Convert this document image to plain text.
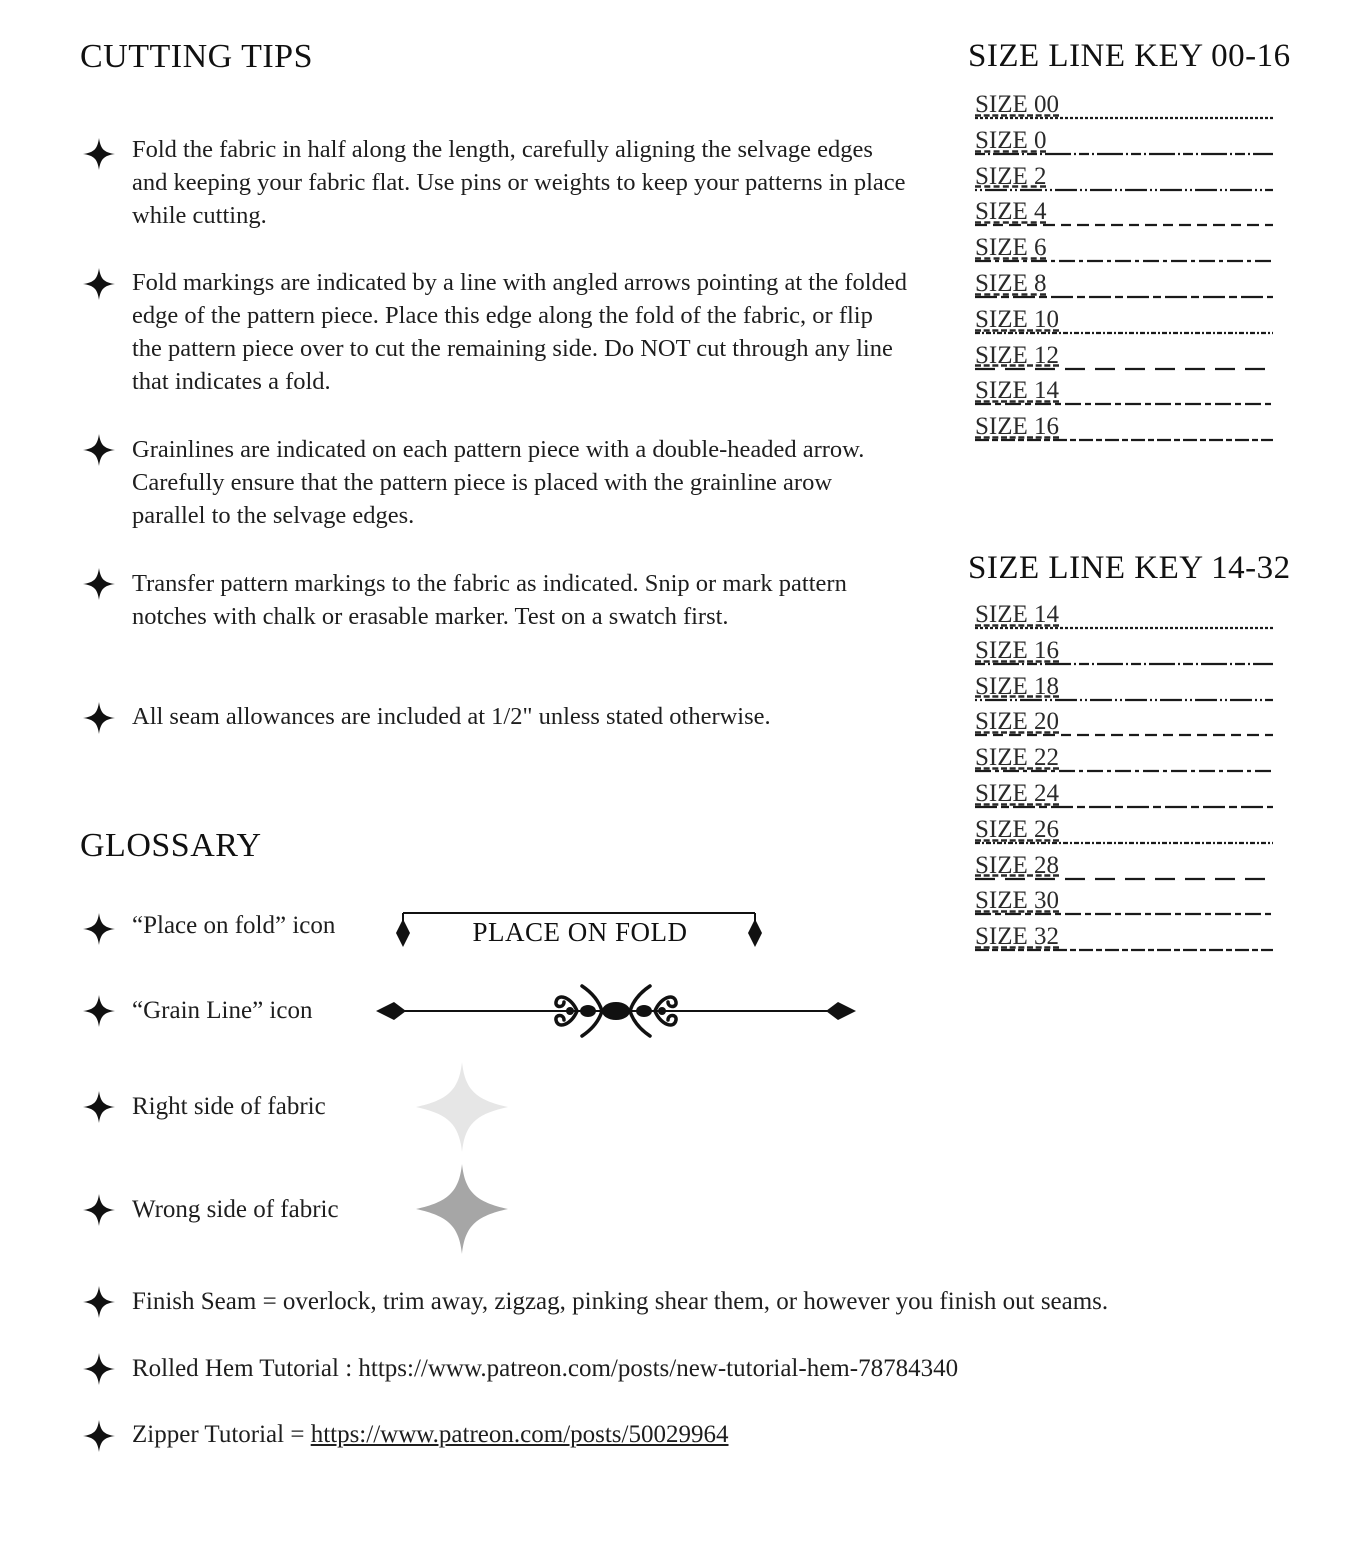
CUTTING TIPS
Fold the fabric in half along the length, carefully aligning the selvage edges and keeping your fabric flat. Use pins or weights to keep your patterns in place while cutting.
Fold markings are indicated by a line with angled arrows pointing at the folded edge of the pattern piece. Place this edge along the fold of the fabric, or flip the pattern piece over to cut the remaining side. Do NOT cut through any line that indicates a fold.
Grainlines are indicated on each pattern piece with a double-headed arrow. Carefully ensure that the pattern piece is placed with the grainline arow parallel to the selvage edges.
Transfer pattern markings to the fabric as indicated. Snip or mark pattern notches with chalk or erasable marker. Test on a swatch first.
All seam allowances are included at 1/2" unless stated otherwise.
GLOSSARY
“Place on fold” icon	PLACE ON FOLD
“Grain Line” icon
Right side of fabric
Wrong side of fabric
Finish Seam = overlock, trim away, zigzag, pinking shear them, or however you finish out seams.
Rolled Hem Tutorial : https://www.patreon.com/posts/new-tutorial-hem-78784340
Zipper Tutorial = https://www.patreon.com/posts/50029964
SIZE LINE KEY 00-16
SIZE 00
SIZE 0
SIZE 2
SIZE 4
SIZE 6
SIZE 8
SIZE 10
SIZE 12
SIZE 14
SIZE 16
SIZE LINE KEY 14-32
SIZE 14
SIZE 16
SIZE 18
SIZE 20
SIZE 22
SIZE 24
SIZE 26
SIZE 28
SIZE 30
SIZE 32
